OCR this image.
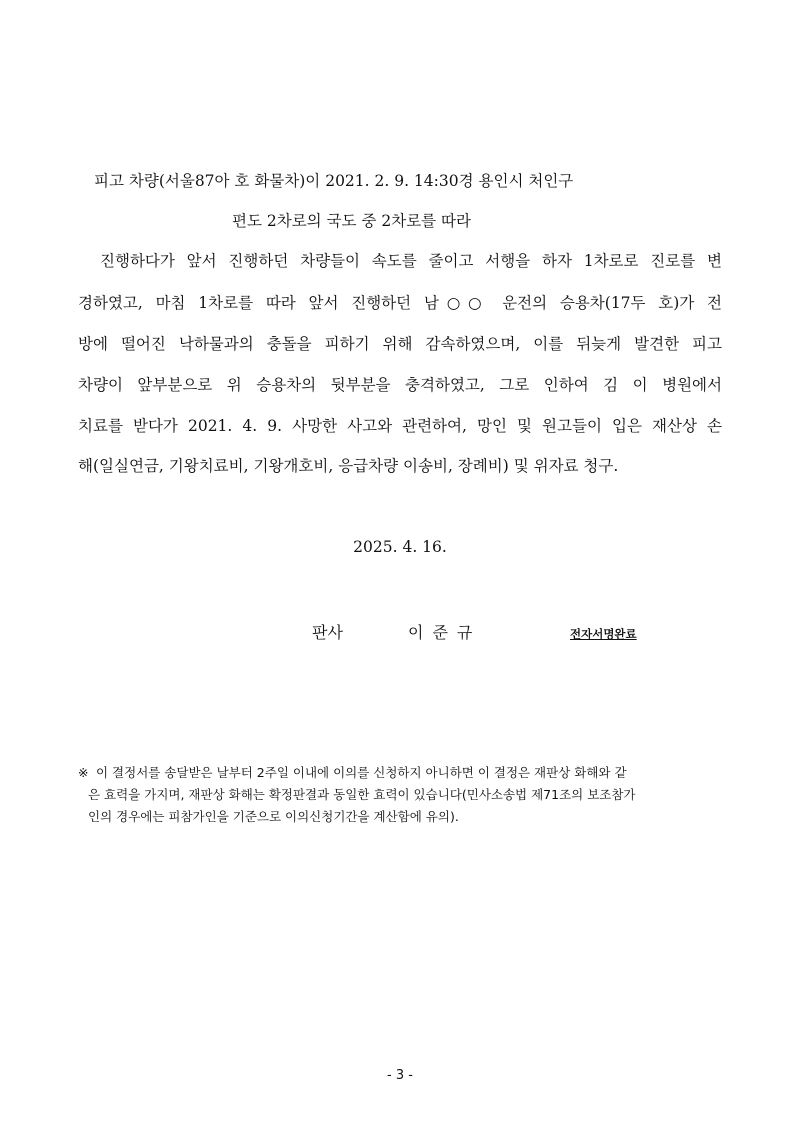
피고 차량(서울87아 호 화물차)이 2021. 2. 9. 14:30경 용인시 처인구
편도 2차로의 국도 중 2차로를 따라
진행하다가 앞서 진행하던 차량들이 속도를 줄이고 서행을 하자 1차로로 진로를 변
경하였고, 마침 1차로를 따라 앞서 진행하던 남○○ 운전의 승용차(17두 호)가 전
방에 떨어진 낙하물과의 충돌을 피하기 위해 감속하였으며, 이를 뒤늦게 발견한 피고
차량이 앞부분으로 위 승용차의 뒷부분을 충격하였고, 그로 인하여 김 이 병원에서
치료를 받다가 2021. 4. 9. 사망한 사고와 관련하여, 망인 및 원고들이 입은 재산상 손
해(일실연금, 기왕치료비, 기왕개호비, 응급차량 이송비, 장례비) 및 위자료 청구.
2025. 4. 16.
판사	이준규	전자서명완료
※ 이 결정서를 송달받은 날부터 2주일 이내에 이의를 신청하지 아니하면 이 결정은 재판상 화해와 같
은 효력을 가지며, 재판상 화해는 확정판결과 동일한 효력이 있습니다(민사소송법 제71조의 보조참가
인의 경우에는 피참가인을 기준으로 이의신청기간을 계산함에 유의).
- 3 -
